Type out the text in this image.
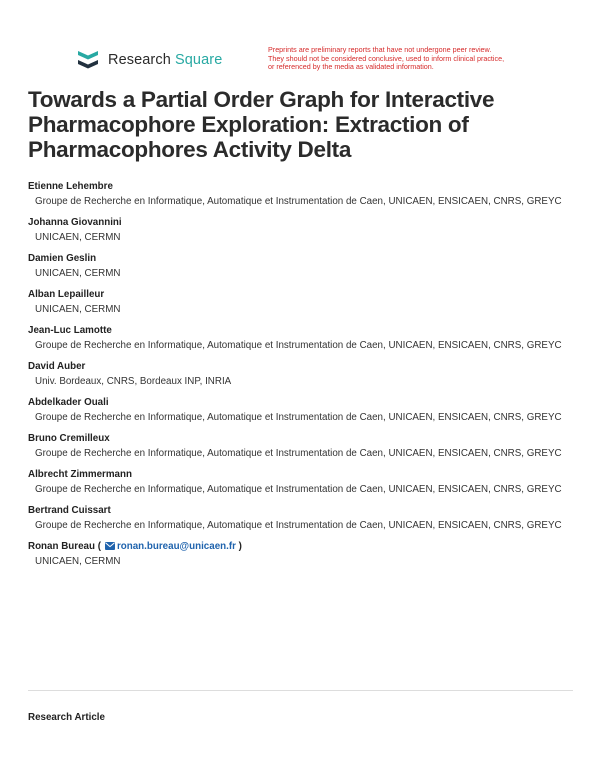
Research Square
Preprints are preliminary reports that have not undergone peer review.
They should not be considered conclusive, used to inform clinical practice,
or referenced by the media as validated information.
Towards a Partial Order Graph for Interactive Pharmacophore Exploration: Extraction of Pharmacophores Activity Delta
Etienne Lehembre
Groupe de Recherche en Informatique, Automatique et Instrumentation de Caen, UNICAEN, ENSICAEN, CNRS, GREYC
Johanna Giovannini
UNICAEN, CERMN
Damien Geslin
UNICAEN, CERMN
Alban Lepailleur
UNICAEN, CERMN
Jean-Luc Lamotte
Groupe de Recherche en Informatique, Automatique et Instrumentation de Caen, UNICAEN, ENSICAEN, CNRS, GREYC
David Auber
Univ. Bordeaux, CNRS, Bordeaux INP, INRIA
Abdelkader Ouali
Groupe de Recherche en Informatique, Automatique et Instrumentation de Caen, UNICAEN, ENSICAEN, CNRS, GREYC
Bruno Cremilleux
Groupe de Recherche en Informatique, Automatique et Instrumentation de Caen, UNICAEN, ENSICAEN, CNRS, GREYC
Albrecht Zimmermann
Groupe de Recherche en Informatique, Automatique et Instrumentation de Caen, UNICAEN, ENSICAEN, CNRS, GREYC
Bertrand Cuissart
Groupe de Recherche en Informatique, Automatique et Instrumentation de Caen, UNICAEN, ENSICAEN, CNRS, GREYC
Ronan Bureau ( ronan.bureau@unicaen.fr )
UNICAEN, CERMN
Research Article
